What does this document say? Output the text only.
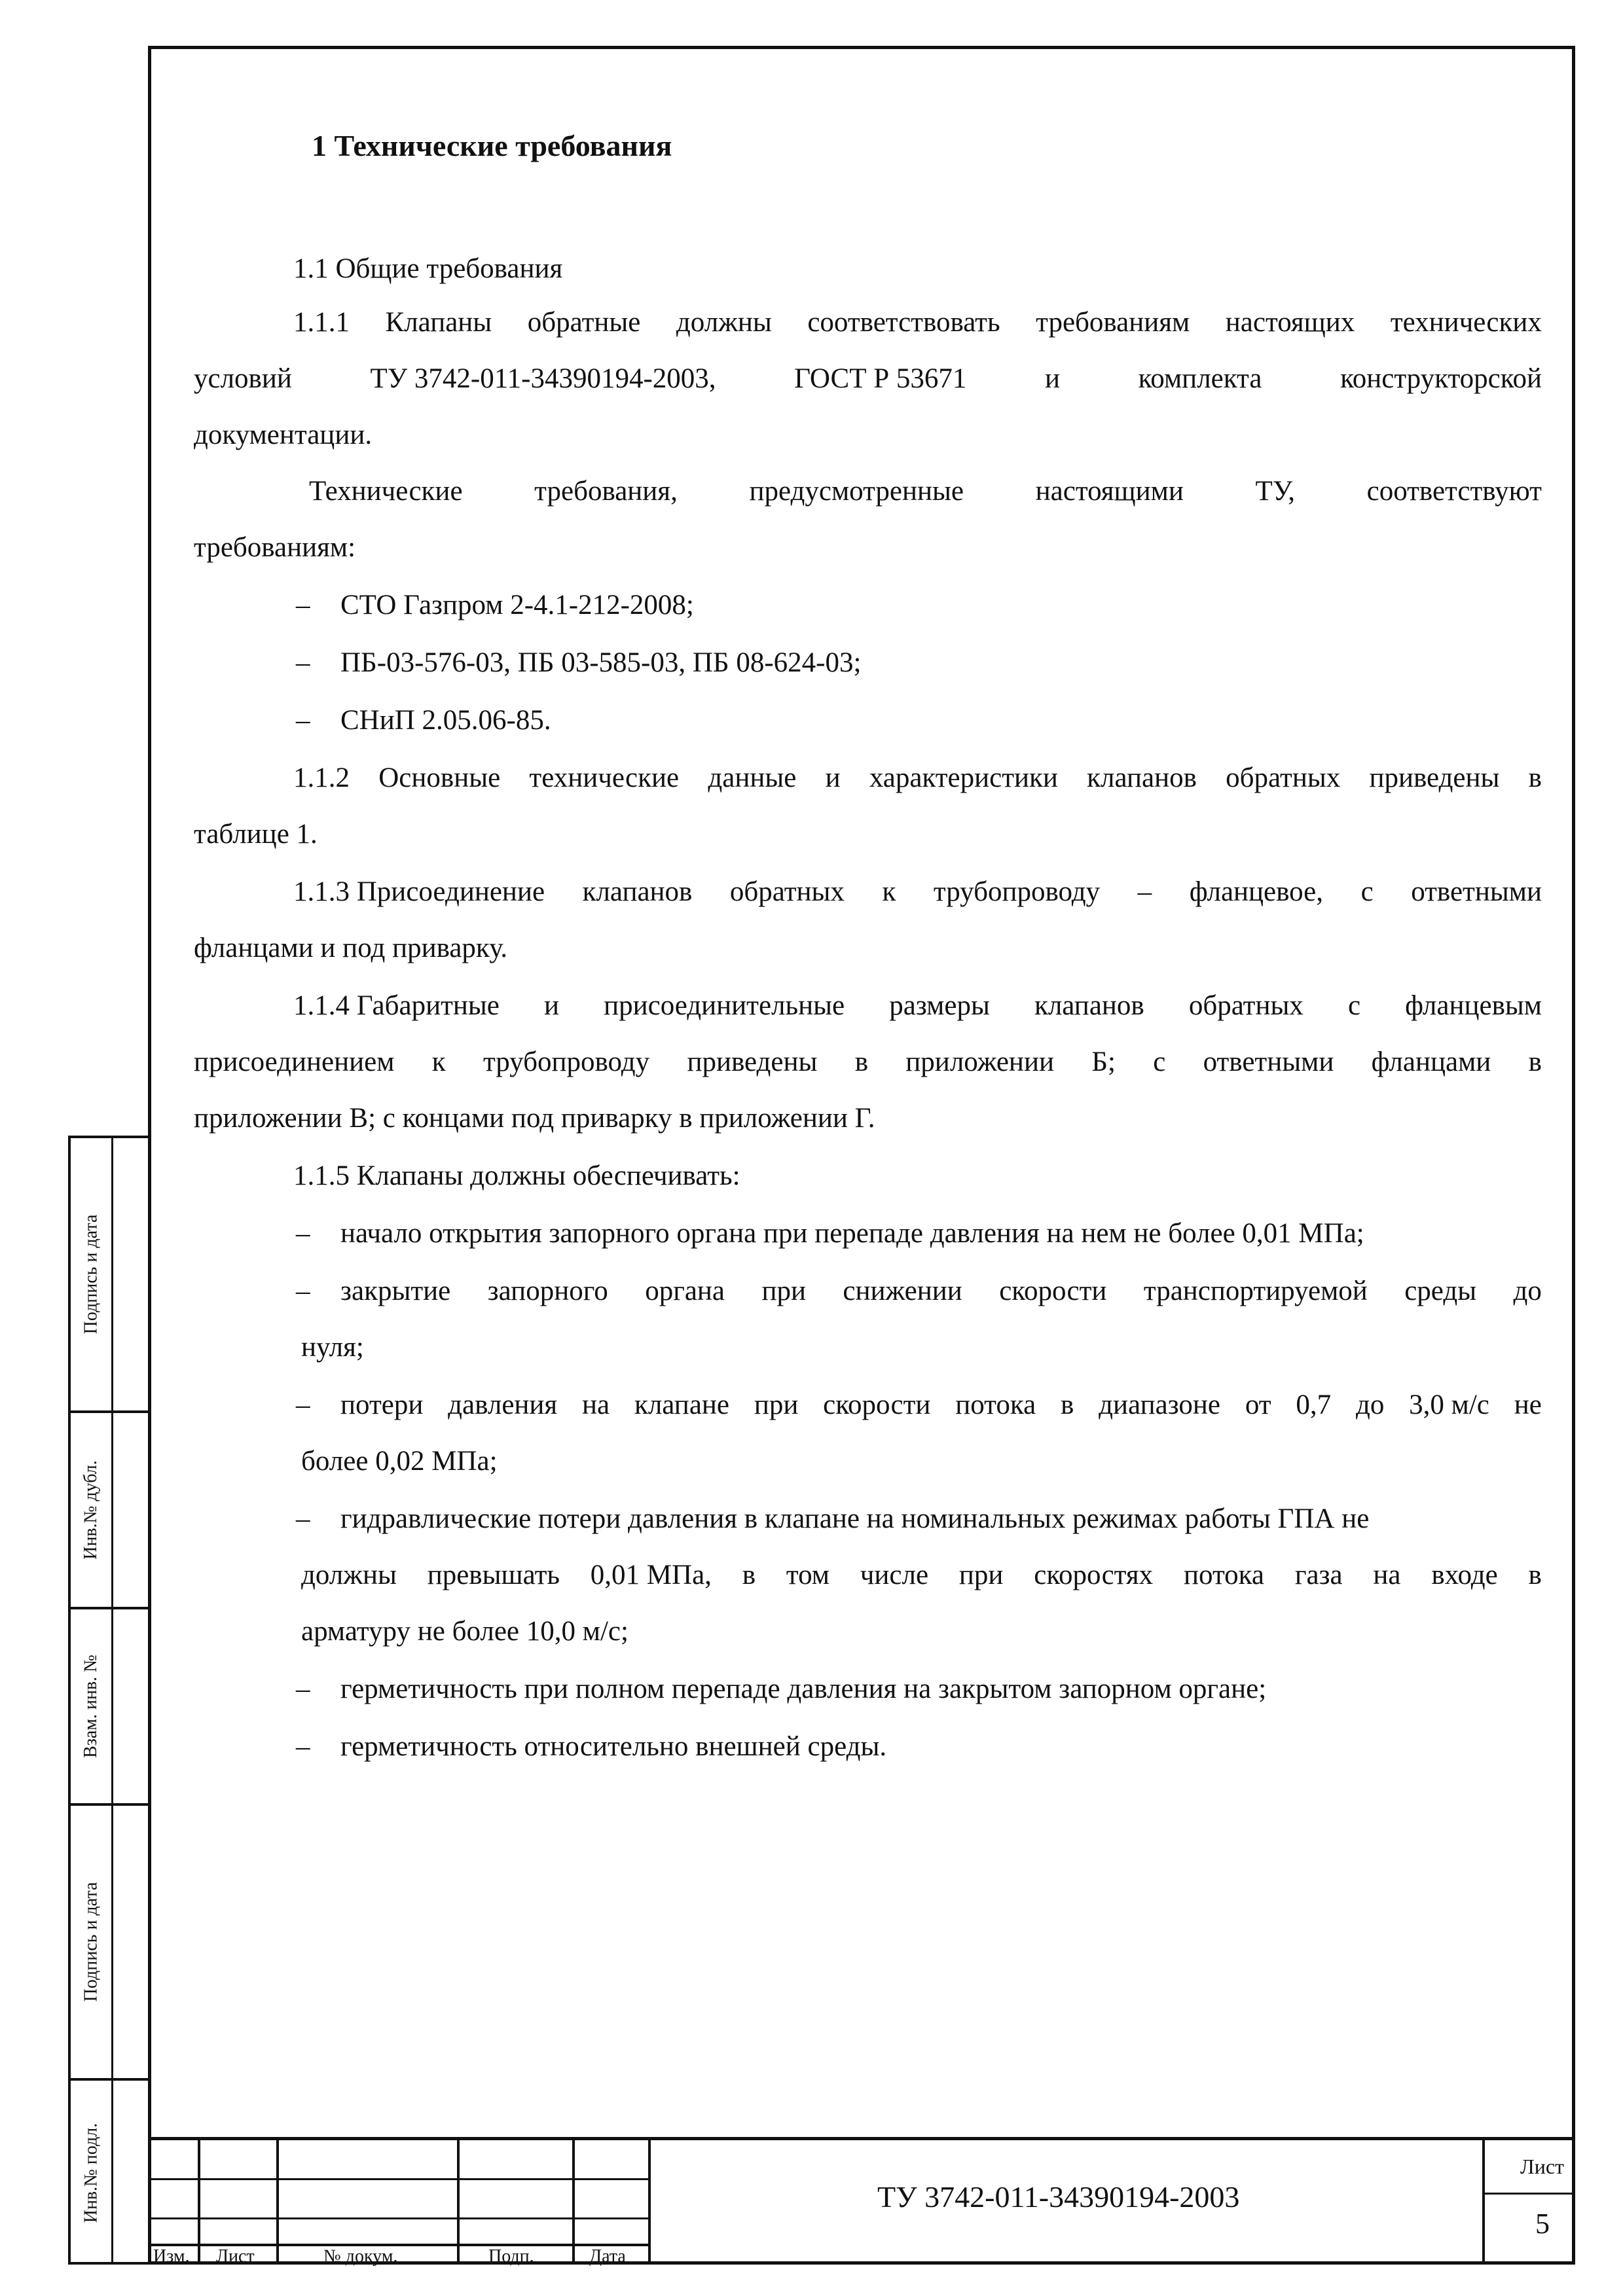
Подпись и дата
Инв.№ дубл.
Взам. инв. №
Подпись и дата
Инв.№ подл.
1 Технические требования
1.1 Общие требования
1.1.1 Клапаны обратные должны соответствовать требованиям настоящих технических
условий	ТУ 3742-011-34390194-2003,	ГОСТ Р 53671	и	комплекта	конструкторской
документации.
Технические	требования,	предусмотренные	настоящими	ТУ,	соответствуют
требованиям:
– СТО Газпром 2-4.1-212-2008;
– ПБ-03-576-03, ПБ 03-585-03, ПБ 08-624-03;
– СНиП 2.05.06-85.
1.1.2 Основные технические данные и характеристики клапанов обратных приведены в
таблице 1.
1.1.3 Присоединение клапанов обратных к трубопроводу – фланцевое, с ответными
фланцами и под приварку.
1.1.4 Габаритные и присоединительные размеры клапанов обратных с фланцевым
присоединением к трубопроводу приведены в приложении Б; с ответными фланцами в
приложении В; с концами под приварку в приложении Г.
1.1.5 Клапаны должны обеспечивать:
– начало открытия запорного органа при перепаде давления на нем не более 0,01 МПа;
– закрытие запорного органа при снижении скорости транспортируемой среды до
нуля;
– потери давления на клапане при скорости потока в диапазоне от 0,7 до 3,0 м/с не
более 0,02 МПа;
– гидравлические потери давления в клапане на номинальных режимах работы ГПА не
должны превышать 0,01 МПа, в том числе при скоростях потока газа на входе в
арматуру не более 10,0 м/с;
– герметичность при полном перепаде давления на закрытом запорном органе;
– герметичность относительно внешней среды.
Изм. Лист	№ докум.	Подп.	Дата
ТУ 3742-011-34390194-2003
Лист
5
